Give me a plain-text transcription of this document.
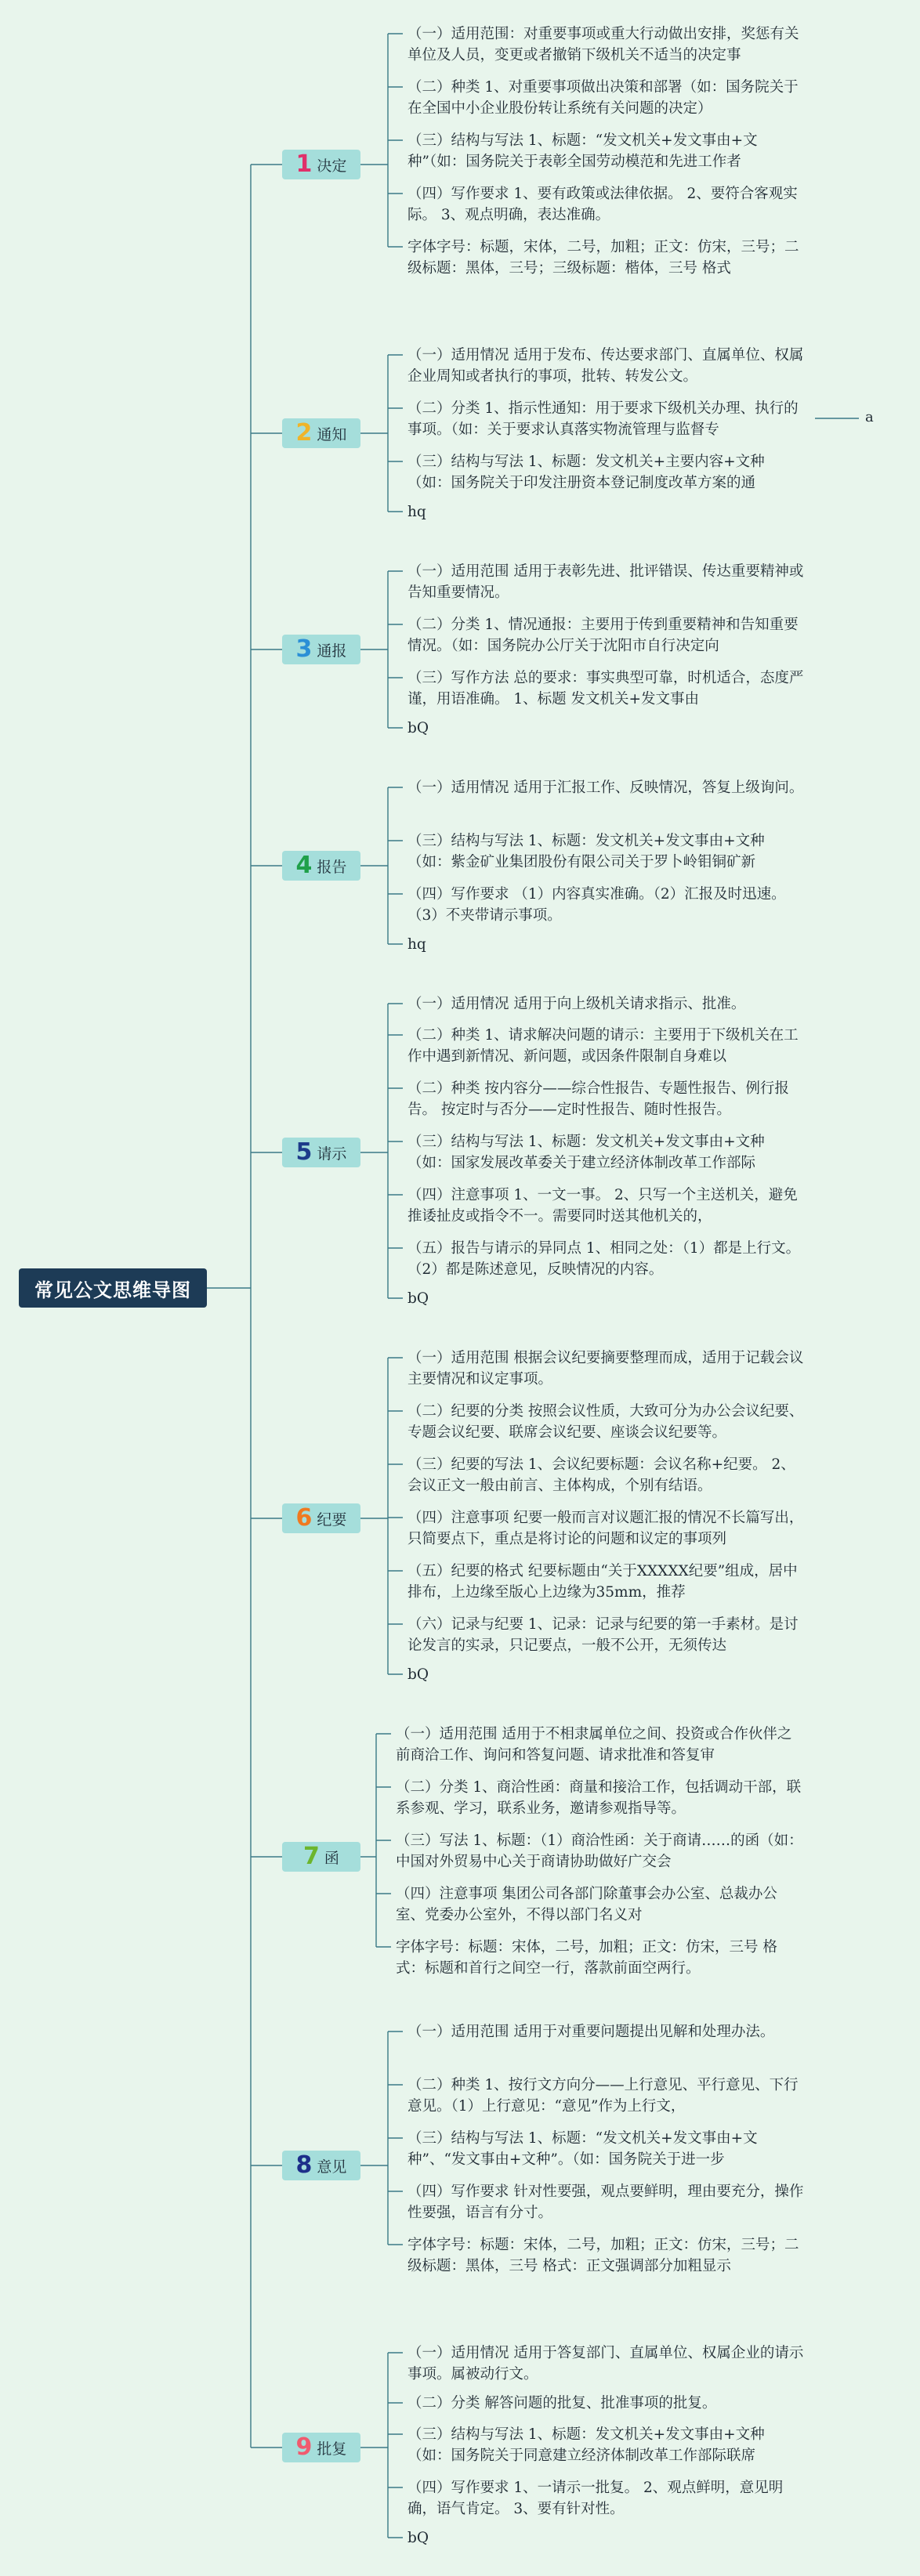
常见公文思维导图
1 决定
2 通知
3 通报
4 报告
5 请示
6 纪要
7 函
8 意见
9 批复
（一）适用范围：对重要事项或重大行动做出安排，奖惩有关单位及人员，变更或者撤销下级机关不适当的决定事
（二）种类 1、对重要事项做出决策和部署（如：国务院关于在全国中小企业股份转让系统有关问题的决定）
（三）结构与写法 1、标题：“发文机关+发文事由+文种”（如：国务院关于表彰全国劳动模范和先进工作者
（四）写作要求 1、要有政策或法律依据。 2、要符合客观实际。 3、观点明确，表达准确。
字体字号：标题，宋体，二号，加粗；正文：仿宋，三号；二级标题：黑体，三号；三级标题：楷体，三号 格式
（一）适用情况 适用于发布、传达要求部门、直属单位、权属企业周知或者执行的事项，批转、转发公文。
（二）分类 1、指示性通知：用于要求下级机关办理、执行的事项。（如：关于要求认真落实物流管理与监督专
（三）结构与写法 1、标题：发文机关+主要内容+文种（如：国务院关于印发注册资本登记制度改革方案的通
hq
（一）适用范围 适用于表彰先进、批评错误、传达重要精神或告知重要情况。
（二）分类 1、情况通报：主要用于传到重要精神和告知重要情况。（如：国务院办公厅关于沈阳市自行决定向
（三）写作方法 总的要求：事实典型可靠，时机适合，态度严谨，用语准确。 1、标题 发文机关+发文事由
bQ
（一）适用情况 适用于汇报工作、反映情况，答复上级询问。
（三）结构与写法 1、标题：发文机关+发文事由+文种（如：紫金矿业集团股份有限公司关于罗卜岭钼铜矿新
（四）写作要求 （1）内容真实准确。（2）汇报及时迅速。（3）不夹带请示事项。
hq
（一）适用情况 适用于向上级机关请求指示、批准。
（二）种类 1、请求解决问题的请示：主要用于下级机关在工作中遇到新情况、新问题，或因条件限制自身难以
（二）种类 按内容分——综合性报告、专题性报告、例行报告。 按定时与否分——定时性报告、随时性报告。
（三）结构与写法 1、标题：发文机关+发文事由+文种（如：国家发展改革委关于建立经济体制改革工作部际
（四）注意事项 1、一文一事。 2、只写一个主送机关，避免推诿扯皮或指令不一。需要同时送其他机关的，
（五）报告与请示的异同点 1、相同之处：（1）都是上行文。（2）都是陈述意见，反映情况的内容。
bQ
（一）适用范围 根据会议纪要摘要整理而成，适用于记载会议主要情况和议定事项。
（二）纪要的分类 按照会议性质，大致可分为办公会议纪要、专题会议纪要、联席会议纪要、座谈会议纪要等。
（三）纪要的写法 1、会议纪要标题：会议名称+纪要。 2、会议正文一般由前言、主体构成，个别有结语。
（四）注意事项 纪要一般而言对议题汇报的情况不长篇写出，只简要点下，重点是将讨论的问题和议定的事项列
（五）纪要的格式 纪要标题由“关于XXXXX纪要”组成，居中排布，上边缘至版心上边缘为35mm，推荐
（六）记录与纪要 1、记录：记录与纪要的第一手素材。是讨论发言的实录，只记要点，一般不公开，无须传达
bQ
（一）适用范围 适用于不相隶属单位之间、投资或合作伙伴之前商洽工作、询问和答复问题、请求批准和答复审
（二）分类 1、商洽性函：商量和接洽工作，包括调动干部，联系参观、学习，联系业务，邀请参观指导等。
（三）写法 1、标题：（1）商洽性函：关于商请……的函（如：中国对外贸易中心关于商请协助做好广交会
（四）注意事项 集团公司各部门除董事会办公室、总裁办公室、党委办公室外，不得以部门名义对
字体字号：标题：宋体，二号，加粗；正文：仿宋，三号 格式：标题和首行之间空一行，落款前面空两行。
（一）适用范围 适用于对重要问题提出见解和处理办法。
（二）种类 1、按行文方向分——上行意见、平行意见、下行意见。（1）上行意见：“意见”作为上行文，
（三）结构与写法 1、标题：“发文机关+发文事由+文种”、“发文事由+文种”。（如：国务院关于进一步
（四）写作要求 针对性要强，观点要鲜明，理由要充分，操作性要强，语言有分寸。
字体字号：标题：宋体，二号，加粗；正文：仿宋，三号；二级标题：黑体，三号 格式：正文强调部分加粗显示
（一）适用情况 适用于答复部门、直属单位、权属企业的请示事项。属被动行文。
（二）分类 解答问题的批复、批准事项的批复。
（三）结构与写法 1、标题：发文机关+发文事由+文种（如：国务院关于同意建立经济体制改革工作部际联席
（四）写作要求 1、一请示一批复。 2、观点鲜明，意见明确，语气肯定。 3、要有针对性。
bQ
a
